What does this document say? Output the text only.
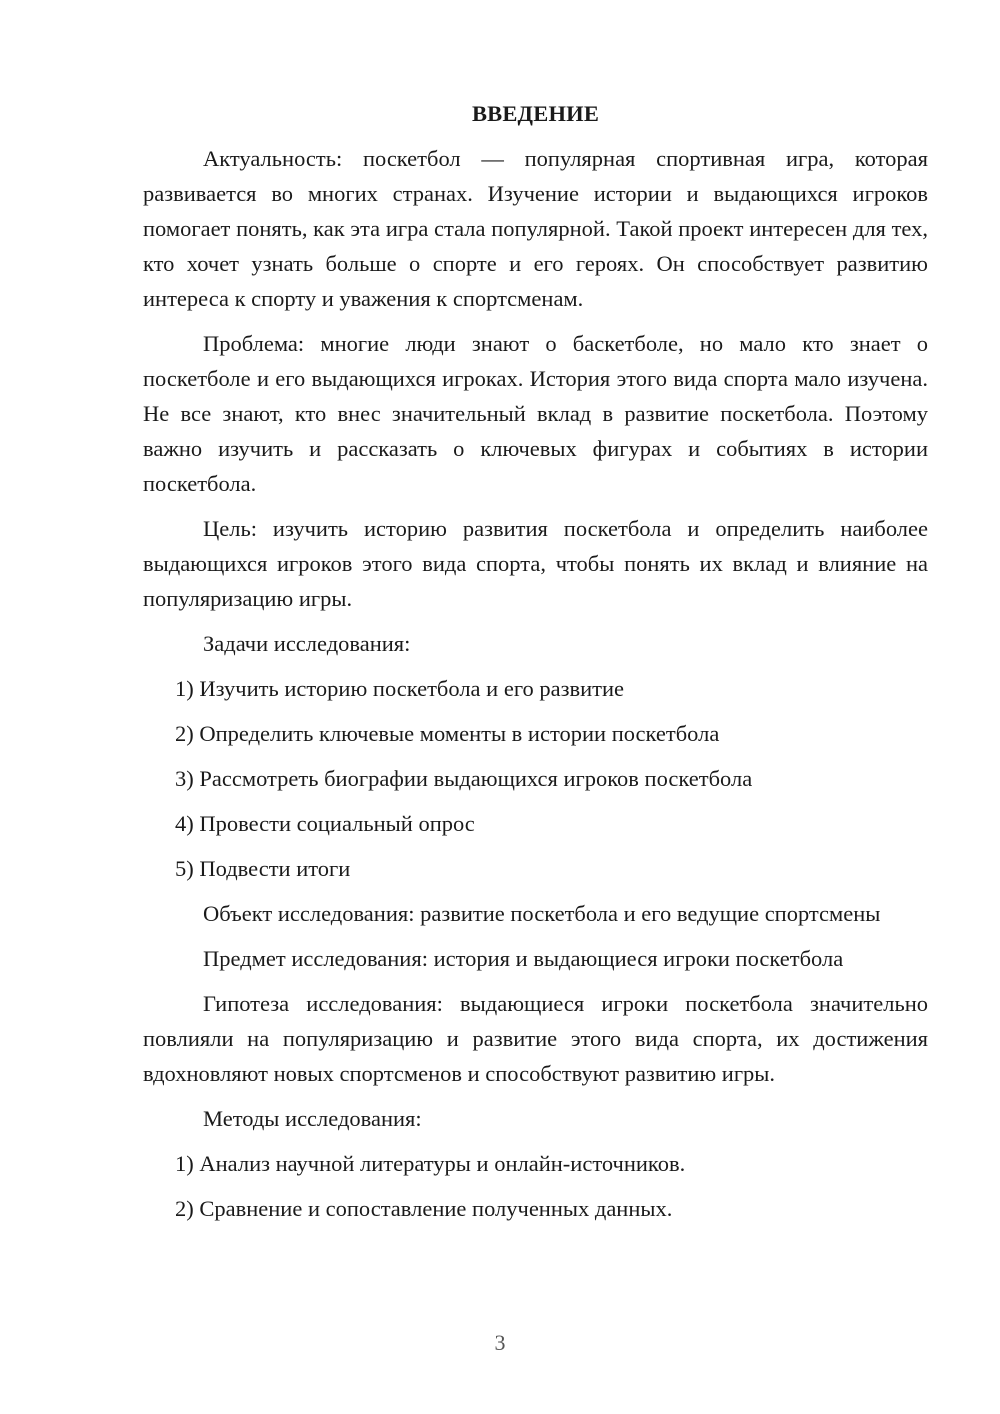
ВВЕДЕНИЕ

Актуальность: поскетбол — популярная спортивная игра, которая развивается во многих странах. Изучение истории и выдающихся игроков помогает понять, как эта игра стала популярной. Такой проект интересен для тех, кто хочет узнать больше о спорте и его героях. Он способствует развитию интереса к спорту и уважения к спортсменам.

Проблема: многие люди знают о баскетболе, но мало кто знает о поскетболе и его выдающихся игроках. История этого вида спорта мало изучена. Не все знают, кто внес значительный вклад в развитие поскетбола. Поэтому важно изучить и рассказать о ключевых фигурах и событиях в истории поскетбола.

Цель: изучить историю развития поскетбола и определить наиболее выдающихся игроков этого вида спорта, чтобы понять их вклад и влияние на популяризацию игры.

Задачи исследования:

1) Изучить историю поскетбола и его развитие
2) Определить ключевые моменты в истории поскетбола
3) Рассмотреть биографии выдающихся игроков поскетбола
4) Провести социальный опрос
5) Подвести итоги

Объект исследования: развитие поскетбола и его ведущие спортсмены

Предмет исследования: история и выдающиеся игроки поскетбола

Гипотеза исследования: выдающиеся игроки поскетбола значительно повлияли на популяризацию и развитие этого вида спорта, их достижения вдохновляют новых спортсменов и способствуют развитию игры.

Методы исследования:

1) Анализ научной литературы и онлайн-источников.
2) Сравнение и сопоставление полученных данных.
3
